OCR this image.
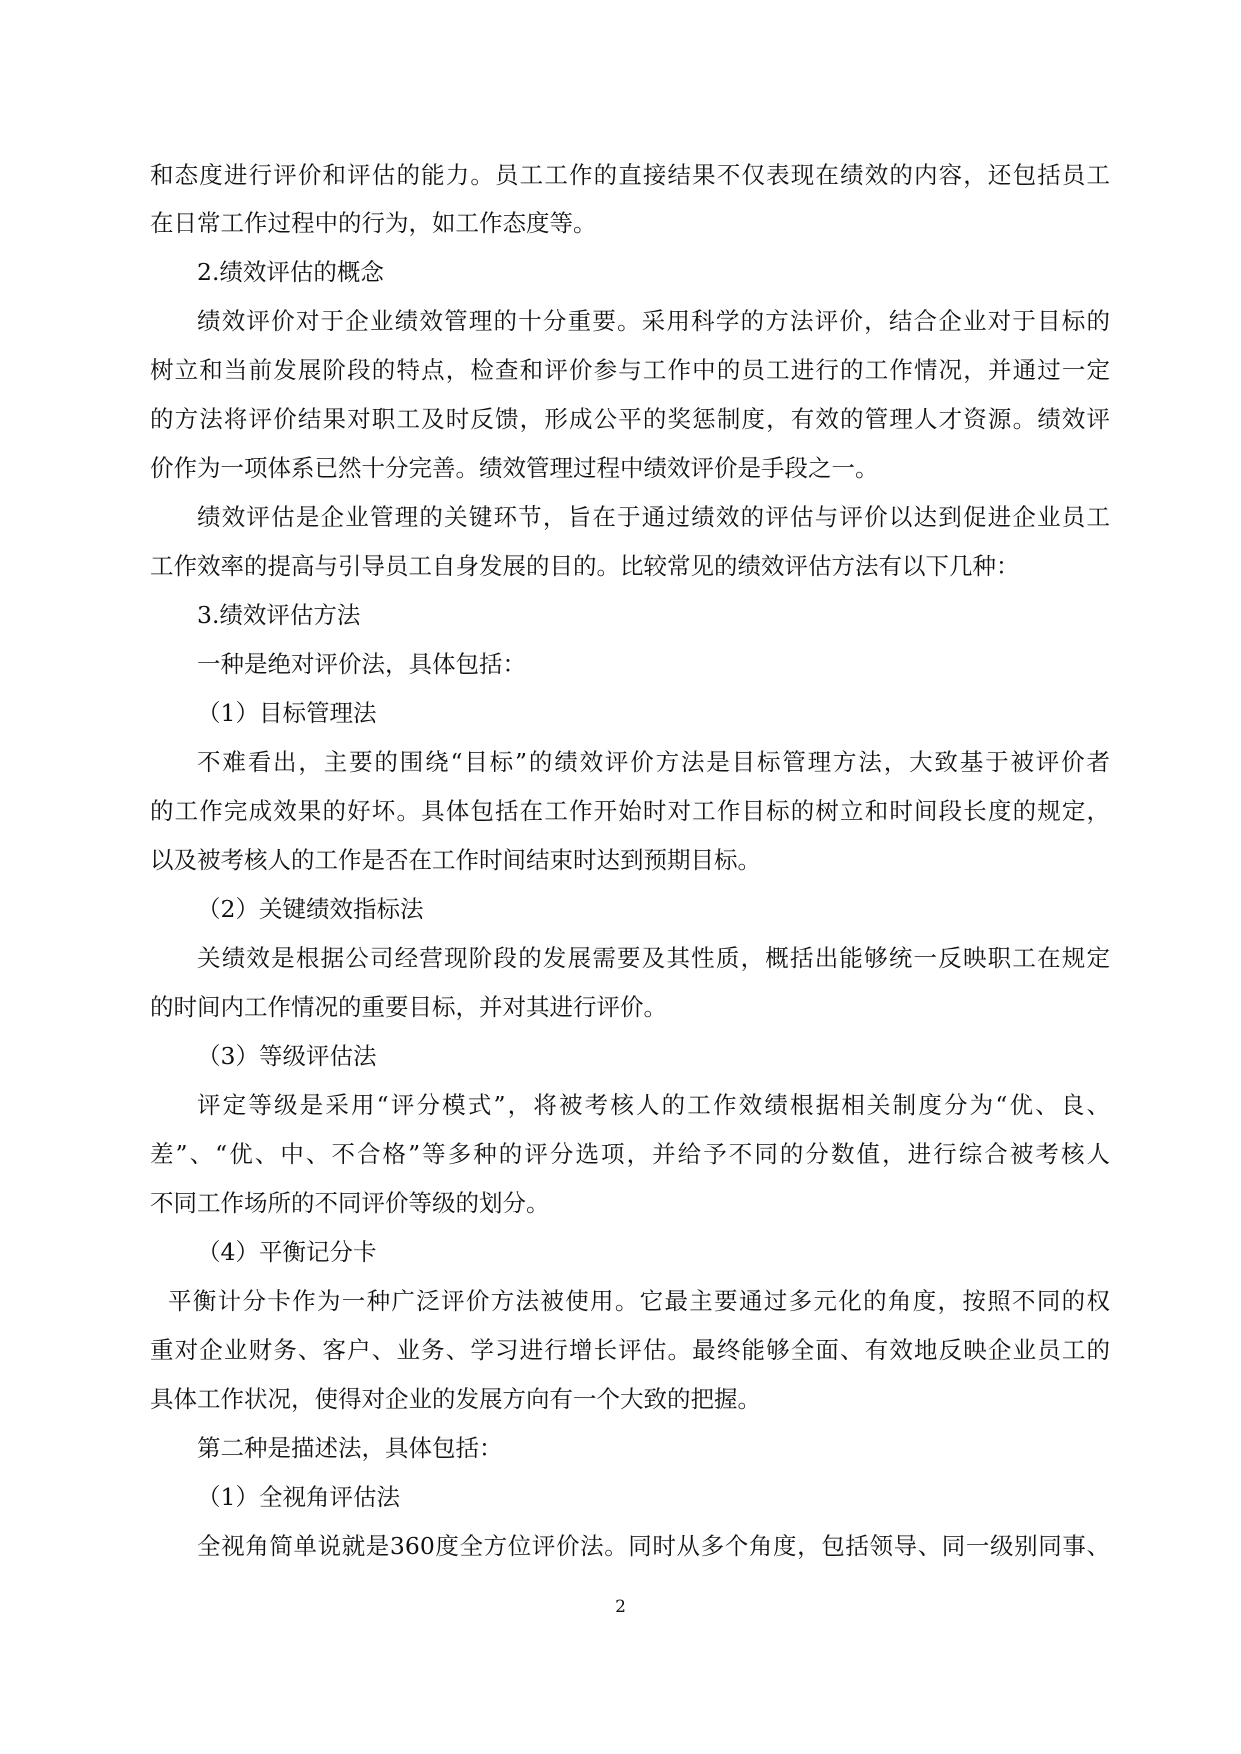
和态度进行评价和评估的能力。员工工作的直接结果不仅表现在绩效的内容，还包括员工
在日常工作过程中的行为，如工作态度等。
2.绩效评估的概念
绩效评价对于企业绩效管理的十分重要。采用科学的方法评价，结合企业对于目标的
树立和当前发展阶段的特点，检查和评价参与工作中的员工进行的工作情况，并通过一定
的方法将评价结果对职工及时反馈，形成公平的奖惩制度，有效的管理人才资源。绩效评
价作为一项体系已然十分完善。绩效管理过程中绩效评价是手段之一。
绩效评估是企业管理的关键环节，旨在于通过绩效的评估与评价以达到促进企业员工
工作效率的提高与引导员工自身发展的目的。比较常见的绩效评估方法有以下几种：
3.绩效评估方法
一种是绝对评价法，具体包括：
（1）目标管理法
不难看出，主要的围绕“目标”的绩效评价方法是目标管理方法，大致基于被评价者
的工作完成效果的好坏。具体包括在工作开始时对工作目标的树立和时间段长度的规定，
以及被考核人的工作是否在工作时间结束时达到预期目标。
（2）关键绩效指标法
关绩效是根据公司经营现阶段的发展需要及其性质，概括出能够统一反映职工在规定
的时间内工作情况的重要目标，并对其进行评价。
（3）等级评估法
评定等级是采用“评分模式”，将被考核人的工作效绩根据相关制度分为“优、良、
差”、“优、中、不合格”等多种的评分选项，并给予不同的分数值，进行综合被考核人
不同工作场所的不同评价等级的划分。
（4）平衡记分卡
平衡计分卡作为一种广泛评价方法被使用。它最主要通过多元化的角度，按照不同的权
重对企业财务、客户、业务、学习进行增长评估。最终能够全面、有效地反映企业员工的
具体工作状况，使得对企业的发展方向有一个大致的把握。
第二种是描述法，具体包括：
（1）全视角评估法
全视角简单说就是360度全方位评价法。同时从多个角度，包括领导、同一级别同事、
2
